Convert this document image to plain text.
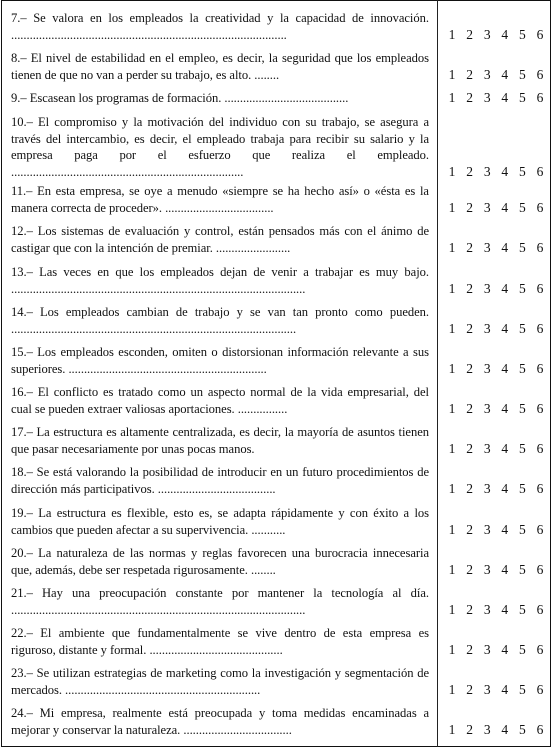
7.– Se valora en los empleados la creatividad y la capacidad de innovación. .........................................................................................	1 2 3 4 5 6
8.– El nivel de estabilidad en el empleo, es decir, la seguridad que los empleados tienen de que no van a perder su trabajo, es alto. ........	1 2 3 4 5 6
9.– Escasean los programas de formación. ........................................	1 2 3 4 5 6
10.– El compromiso y la motivación del individuo con su trabajo, se asegura a través del intercambio, es decir, el empleado trabaja para recibir su salario y la empresa paga por el esfuerzo que realiza el empleado. ...........................................................................	1 2 3 4 5 6
11.– En esta empresa, se oye a menudo «siempre se ha hecho así» o «ésta es la manera correcta de proceder». ...................................	1 2 3 4 5 6
12.– Los sistemas de evaluación y control, están pensados más con el ánimo de castigar que con la intención de premiar. ........................	1 2 3 4 5 6
13.– Las veces en que los empleados dejan de venir a trabajar es muy bajo. ...............................................................................................	1 2 3 4 5 6
14.– Los empleados cambian de trabajo y se van tan pronto como pueden. ............................................................................................	1 2 3 4 5 6
15.– Los empleados esconden, omiten o distorsionan información relevante a sus superiores. ................................................................	1 2 3 4 5 6
16.– El conflicto es tratado como un aspecto normal de la vida empresarial, del cual se pueden extraer valiosas aportaciones. ................	1 2 3 4 5 6
17.– La estructura es altamente centralizada, es decir, la mayoría de asuntos tienen que pasar necesariamente por unas pocas manos.	1 2 3 4 5 6
18.– Se está valorando la posibilidad de introducir en un futuro procedimientos de dirección más participativos. ......................................	1 2 3 4 5 6
19.– La estructura es flexible, esto es, se adapta rápidamente y con éxito a los cambios que pueden afectar a su supervivencia. ...........	1 2 3 4 5 6
20.– La naturaleza de las normas y reglas favorecen una burocracia innecesaria que, además, debe ser respetada rigurosamente. ........	1 2 3 4 5 6
21.– Hay una preocupación constante por mantener la tecnología al día. ...............................................................................................	1 2 3 4 5 6
22.– El ambiente que fundamentalmente se vive dentro de esta empresa es riguroso, distante y formal. ...........................................	1 2 3 4 5 6
23.– Se utilizan estrategias de marketing como la investigación y segmentación de mercados. ...............................................................	1 2 3 4 5 6
24.– Mi empresa, realmente está preocupada y toma medidas encaminadas a mejorar y conservar la naturaleza. ...................................	1 2 3 4 5 6
